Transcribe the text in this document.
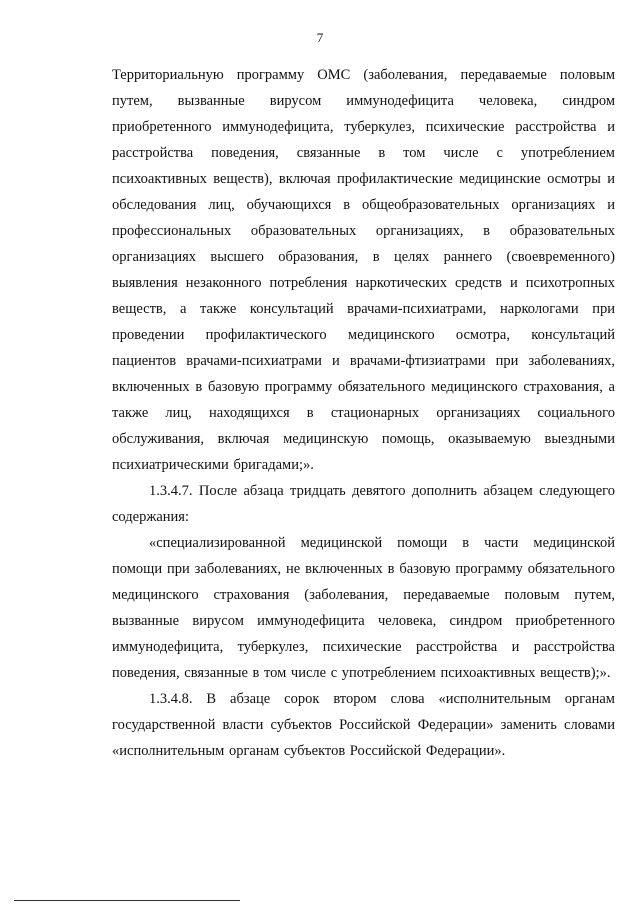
7

Территориальную программу ОМС (заболевания, передаваемые половым путем, вызванные вирусом иммунодефицита человека, синдром приобретенного иммунодефицита, туберкулез, психические расстройства и расстройства поведения, связанные в том числе с употреблением психоактивных веществ), включая профилактические медицинские осмотры и обследования лиц, обучающихся в общеобразовательных организациях и профессиональных образовательных организациях, в образовательных организациях высшего образования, в целях раннего (своевременного) выявления незаконного потребления наркотических средств и психотропных веществ, а также консультаций врачами-психиатрами, наркологами при проведении профилактического медицинского осмотра, консультаций пациентов врачами-психиатрами и врачами-фтизиатрами при заболеваниях, включенных в базовую программу обязательного медицинского страхования, а также лиц, находящихся в стационарных организациях социального обслуживания, включая медицинскую помощь, оказываемую выездными психиатрическими бригадами;».

1.3.4.7. После абзаца тридцать девятого дополнить абзацем следующего содержания:

«специализированной медицинской помощи в части медицинской помощи при заболеваниях, не включенных в базовую программу обязательного медицинского страхования (заболевания, передаваемые половым путем, вызванные вирусом иммунодефицита человека, синдром приобретенного иммунодефицита, туберкулез, психические расстройства и расстройства поведения, связанные в том числе с употреблением психоактивных веществ);».

1.3.4.8. В абзаце сорок втором слова «исполнительным органам государственной власти субъектов Российской Федерации» заменить словами «исполнительным органам субъектов Российской Федерации».
